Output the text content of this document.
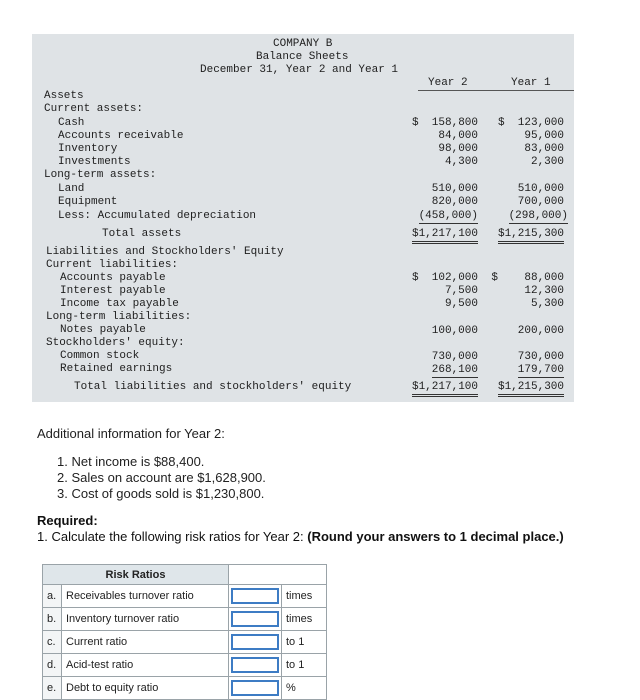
COMPANY B
Balance Sheets
December 31, Year 2 and Year 1
Year 2	Year 1
Assets
Current assets:
Cash	$  158,800	$  123,000
Accounts receivable	84,000	95,000
Inventory	98,000	83,000
Investments	4,300	2,300
Long-term assets:
Land	510,000	510,000
Equipment	820,000	700,000
Less: Accumulated depreciation	(458,000)	(298,000)
Total assets	$1,217,100	$1,215,300
Liabilities and Stockholders' Equity
Current liabilities:
Accounts payable	$  102,000	$    88,000
Interest payable	7,500	12,300
Income tax payable	9,500	5,300
Long-term liabilities:
Notes payable	100,000	200,000
Stockholders' equity:
Common stock	730,000	730,000
Retained earnings	268,100	179,700
Total liabilities and stockholders' equity	$1,217,100	$1,215,300
Additional information for Year 2:
1. Net income is $88,400.
2. Sales on account are $1,628,900.
3. Cost of goods sold is $1,230,800.
Required:
1. Calculate the following risk ratios for Year 2: (Round your answers to 1 decimal place.)
Risk Ratios			
a.	Receivables turnover ratio		times
b.	Inventory turnover ratio		times
c.	Current ratio		to 1
d.	Acid-test ratio		to 1
e.	Debt to equity ratio		%
